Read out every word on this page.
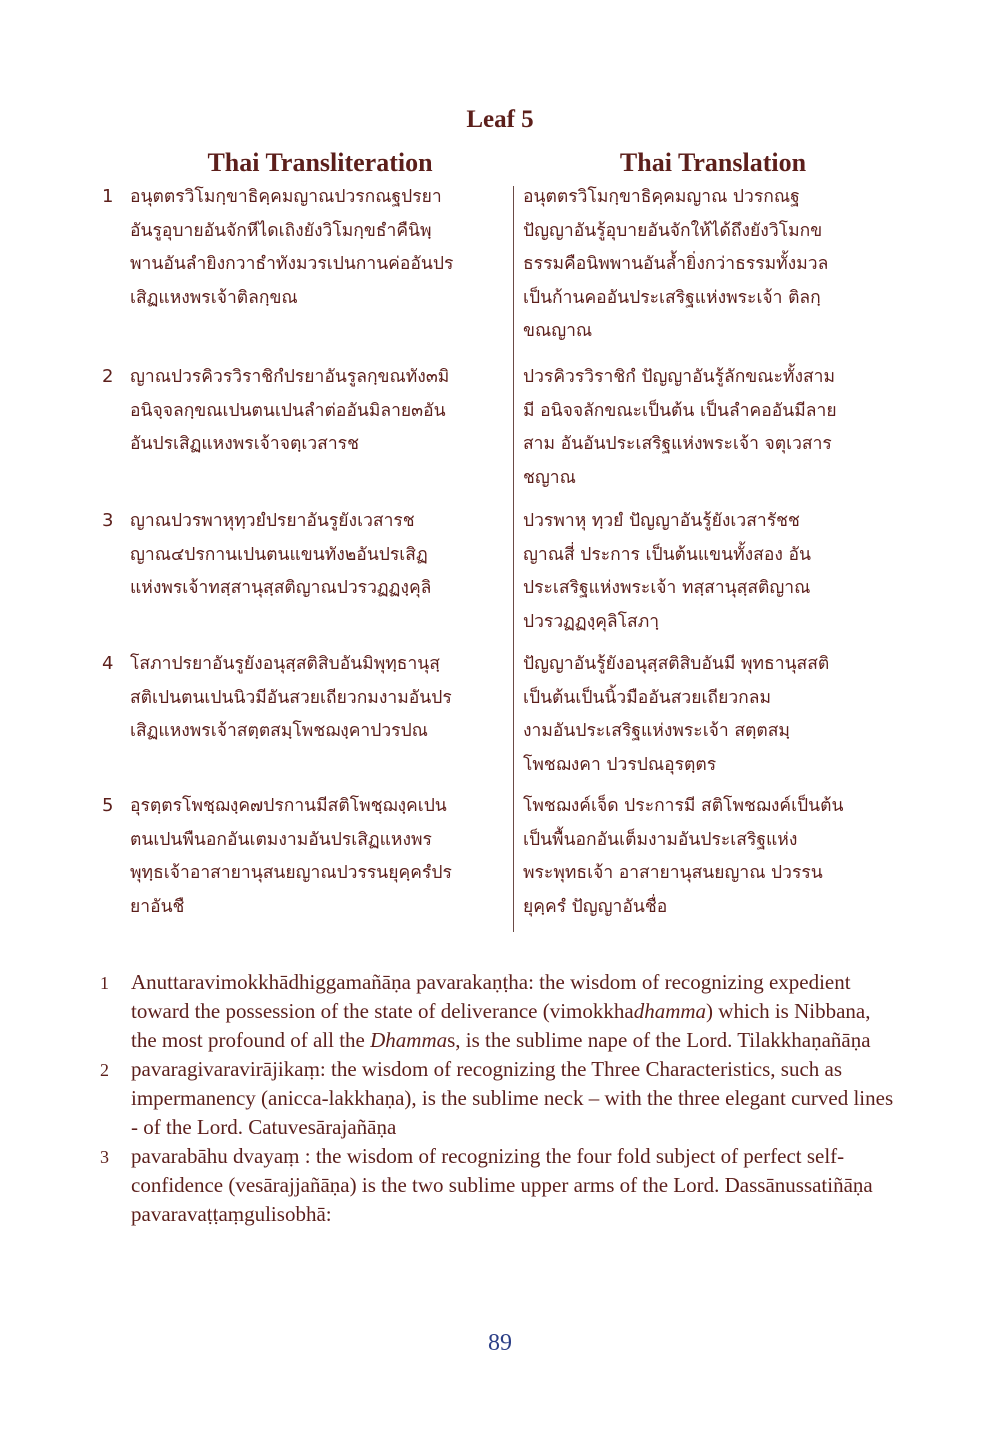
Leaf 5
Thai Transliteration	Thai Translation
1 อนุตตรวิโมกฺขาธิคฺคมญาณปวรกณฐปรยา
อันรูอุบายอันจักหีไดเถิงยังวิโมกฺขธําคืนิพฺ
พานอันลํายิงกวาธําทังมวรเปนกานค่ออันปร
เสิฏแหงพรเจ้าติลกฺขณ
อนุตตรวิโมกฺขาธิคฺคมญาณ ปวรกณฐ
ปัญญาอันรู้อุบายอันจักให้ได้ถึงยังวิโมกข
ธรรมคือนิพพานอันล้ำยิ่งกว่าธรรมทั้งมวล
เป็นก้านคออันประเสริฐแห่งพระเจ้า ติลกฺ
ขณญาณ
2 ญาณปวรคิวรวิราชิกํปรยาอันรูลกฺขณทัง๓มิ
อนิจฺจลกฺขณเปนตนเปนลําต่ออันมิลาย๓อัน
อันปรเสิฏแหงพรเจ้าจตฺเวสารช
ปวรคิวรวิราชิกํ ปัญญาอันรู้ลักขณะทั้งสาม
มี อนิจจลักขณะเป็นต้น เป็นลำคออันมีลาย
สาม อันอันประเสริฐแห่งพระเจ้า จตุเวสาร
ชญาณ
3 ญาณปวรพาหุทฺวยํปรยาอันรูยังเวสารช
ญาณ๔ปรกานเปนตนแขนทัง๒อันปรเสิฏ
แห่งพรเจ้าทสฺสานุสฺสติญาณปวรวฏฏงฺคุลิ
ปวรพาหุ ทฺวยํ ปัญญาอันรู้ยังเวสารัชช
ญาณสี่ ประการ เป็นต้นแขนทั้งสอง อัน
ประเสริฐแห่งพระเจ้า ทสฺสานุสฺสติญาณ
ปวรวฏฏงฺคุลิโสภาฺ
4 โสภาปรยาอันรูยังอนุสฺสติสิบอันมิพุทฺธานุสฺ
สติเปนตนเปนนิวมีอันสวยเถียวกมงามอันปร
เสิฏแหงพรเจ้าสตฺตสมฺโพชฌงฺคาปวรปณ
ปัญญาอันรู้ยังอนุสฺสติสิบอันมี พุทธานุสสติ
เป็นต้นเป็นนิ้วมืออันสวยเถียวกลม
งามอันประเสริฐแห่งพระเจ้า สตฺตสมฺ
โพชฌงคา ปวรปณอุรตฺตร
5 อุรตฺตรโพชฺฌงฺค๗ปรกานมีสติโพชฺฌงฺคเปน
ตนเปนพืนอกอันเตมงามอันปรเสิฏแหงพร
พุทฺธเจ้าอาสายานุสนยญาณปวรรนยุคฺครํปร
ยาอันชื
โพชฌงค์เจ็ด ประการมี สติโพชฌงค์เป็นต้น
เป็นพื้นอกอันเต็มงามอันประเสริฐแห่ง
พระพุทธเจ้า อาสายานุสนยญาณ ปวรรน
ยุคฺครํ ปัญญาอันชื่อ

1 Anuttaravimokkhādhiggamañāṇa pavarakaṇṭha: the wisdom of recognizing expedient toward the possession of the state of deliverance (vimokkhadhamma) which is Nibbana, the most profound of all the Dhammas, is the sublime nape of the Lord. Tilakkhaṇañāṇa

2 pavaragivaravirājikaṃ: the wisdom of recognizing the Three Characteristics, such as impermanency (anicca-lakkhaṇa), is the sublime neck – with the three elegant curved lines - of the Lord. Catuvesārajañāṇa

3 pavarabāhu dvayaṃ : the wisdom of recognizing the four fold subject of perfect self-confidence (vesārajjañāṇa) is the two sublime upper arms of the Lord. Dassānussatiñāṇa pavaravaṭṭaṃgulisobhā:

89
